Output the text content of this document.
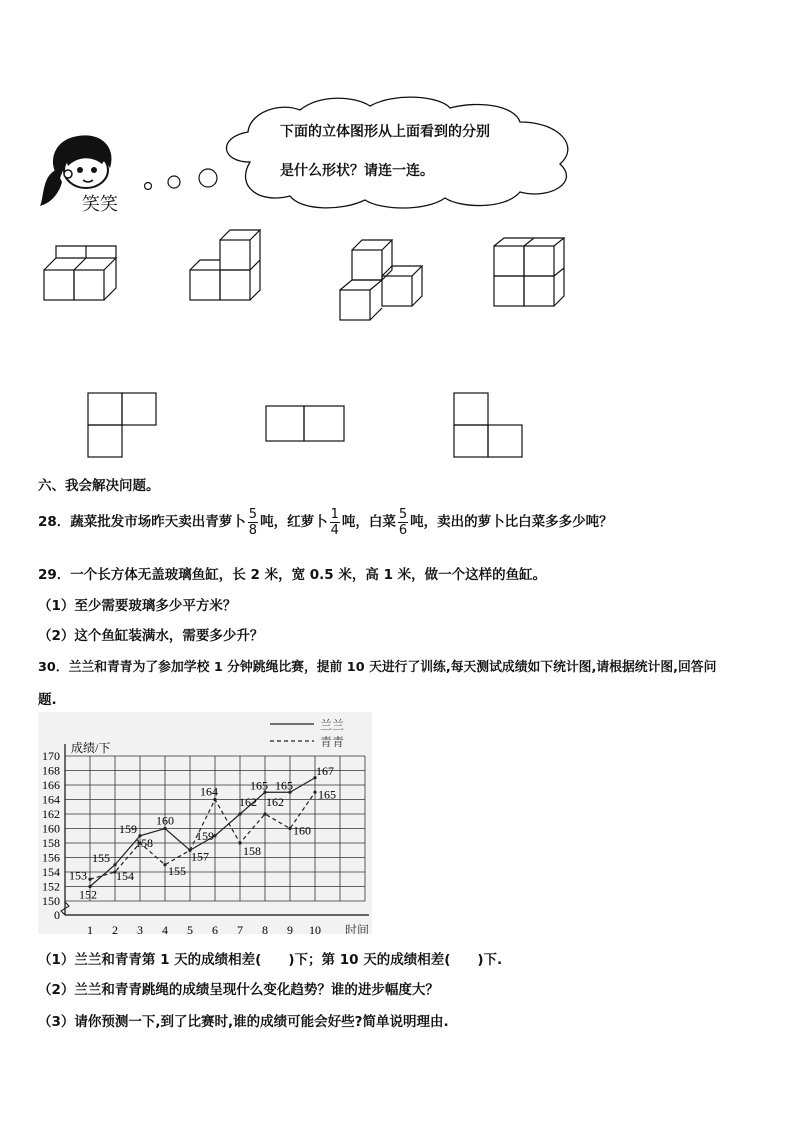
笑笑
下面的立体图形从上面看到的分别
是什么形状？请连一连。
六、我会解决问题。
28．蔬菜批发市场昨天卖出青萝卜 $\frac{5}{8}$ 吨，红萝卜 $\frac{1}{4}$ 吨，白菜 $\frac{5}{6}$ 吨，卖出的萝卜比白菜多多少吨？
29．一个长方体无盖玻璃鱼缸，长 2 米，宽 0.5 米，高 1 米，做一个这样的鱼缸。
（1）至少需要玻璃多少平方米？
（2）这个鱼缸装满水，需要多少升？
30．兰兰和青青为了参加学校 1 分钟跳绳比赛，提前 10 天进行了训练,每天测试成绩如下统计图,请根据统计图,回答问
题.
0
150
152
154
156
158
160
162
164
166
168
170
1 2 3 4 5 6 7 8 9 10
成绩/下
时间
152
155
159
160
157
159
162
165 165
167
153 154
158
155
164
158
162
160
165
兰兰
青青
（1）兰兰和青青第 1 天的成绩相差(　　)下；第 10 天的成绩相差(　　)下.
（2）兰兰和青青跳绳的成绩呈现什么变化趋势？谁的进步幅度大？
（3）请你预测一下,到了比赛时,谁的成绩可能会好些?简单说明理由.
